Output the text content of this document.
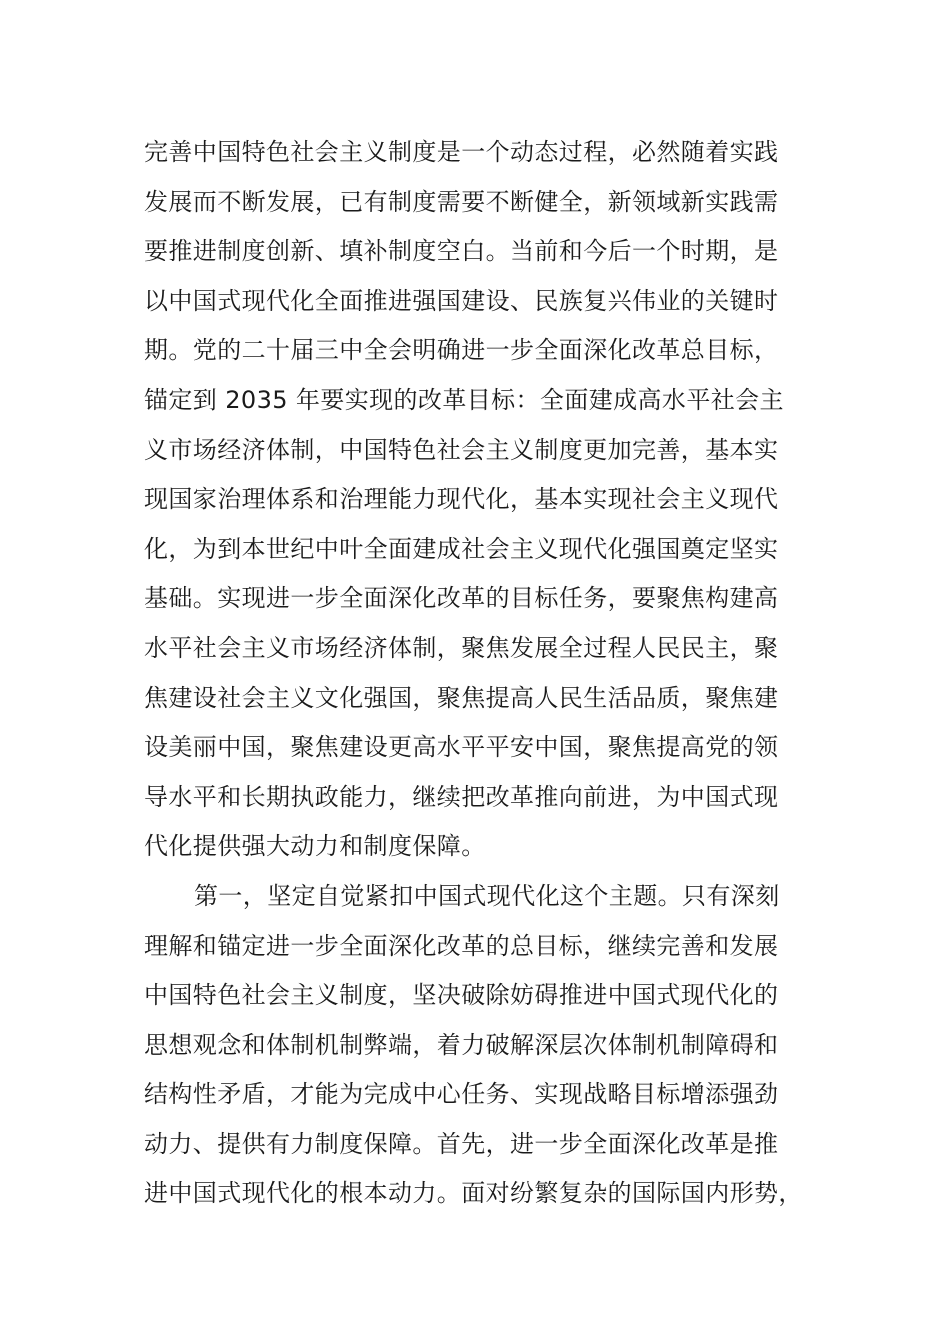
完善中国特色社会主义制度是一个动态过程，必然随着实践
发展而不断发展，已有制度需要不断健全，新领域新实践需
要推进制度创新、填补制度空白。当前和今后一个时期，是
以中国式现代化全面推进强国建设、民族复兴伟业的关键时
期。党的二十届三中全会明确进一步全面深化改革总目标，
锚定到 2035 年要实现的改革目标：全面建成高水平社会主
义市场经济体制，中国特色社会主义制度更加完善，基本实
现国家治理体系和治理能力现代化，基本实现社会主义现代
化，为到本世纪中叶全面建成社会主义现代化强国奠定坚实
基础。实现进一步全面深化改革的目标任务，要聚焦构建高
水平社会主义市场经济体制，聚焦发展全过程人民民主，聚
焦建设社会主义文化强国，聚焦提高人民生活品质，聚焦建
设美丽中国，聚焦建设更高水平平安中国，聚焦提高党的领
导水平和长期执政能力，继续把改革推向前进，为中国式现
代化提供强大动力和制度保障。
第一，坚定自觉紧扣中国式现代化这个主题。只有深刻
理解和锚定进一步全面深化改革的总目标，继续完善和发展
中国特色社会主义制度，坚决破除妨碍推进中国式现代化的
思想观念和体制机制弊端，着力破解深层次体制机制障碍和
结构性矛盾，才能为完成中心任务、实现战略目标增添强劲
动力、提供有力制度保障。首先，进一步全面深化改革是推
进中国式现代化的根本动力。面对纷繁复杂的国际国内形势，
